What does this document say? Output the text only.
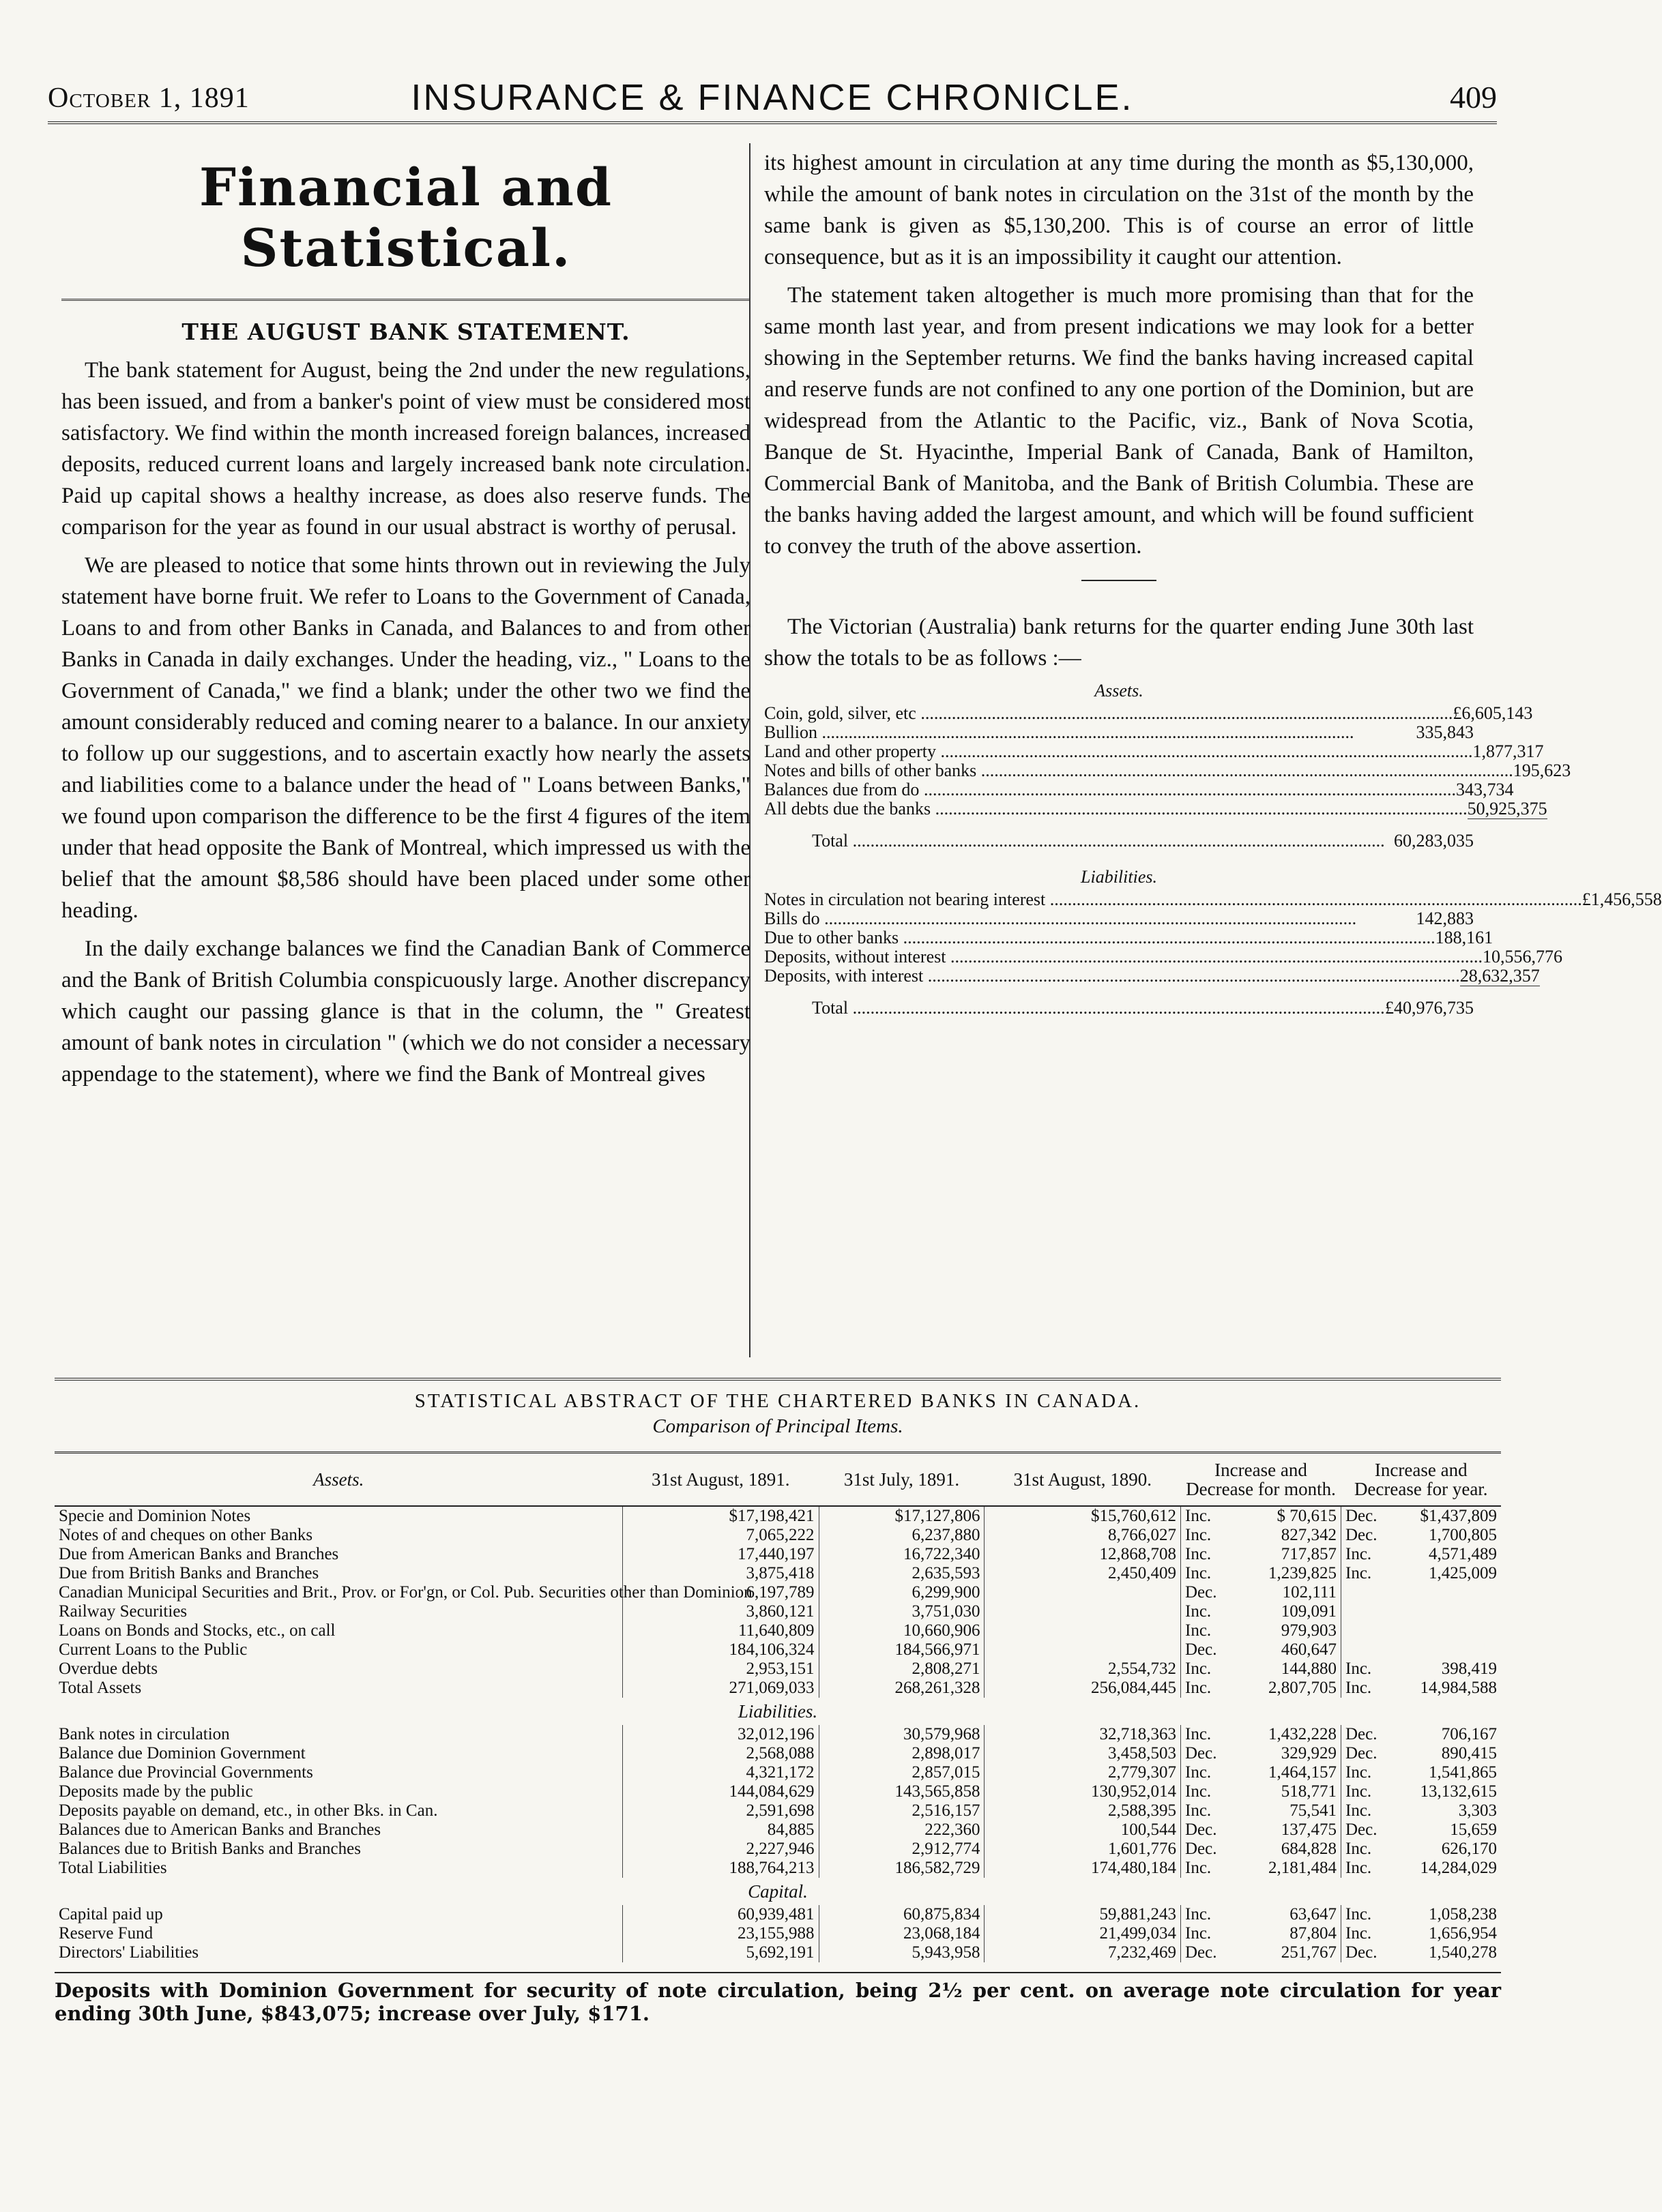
October 1, 1891	INSURANCE & FINANCE CHRONICLE.	409
Financial and Statistical.
THE AUGUST BANK STATEMENT.

The bank statement for August, being the 2nd under the new regulations, has been issued, and from a banker's point of view must be considered most satisfactory. We find within the month increased foreign balances, increased deposits, reduced current loans and largely increased bank note circulation. Paid up capital shows a healthy increase, as does also reserve funds. The comparison for the year as found in our usual abstract is worthy of perusal.

We are pleased to notice that some hints thrown out in reviewing the July statement have borne fruit. We refer to Loans to the Government of Canada, Loans to and from other Banks in Canada, and Balances to and from other Banks in Canada in daily exchanges. Under the heading, viz., " Loans to the Government of Canada," we find a blank; under the other two we find the amount considerably reduced and coming nearer to a balance. In our anxiety to follow up our suggestions, and to ascertain exactly how nearly the assets and liabilities come to a balance under the head of " Loans between Banks," we found upon comparison the difference to be the first 4 figures of the item under that head opposite the Bank of Montreal, which impressed us with the belief that the amount $8,586 should have been placed under some other heading.

In the daily exchange balances we find the Canadian Bank of Commerce and the Bank of British Columbia conspicuously large. Another discrepancy which caught our passing glance is that in the column, the " Greatest amount of bank notes in circulation " (which we do not consider a necessary appendage to the statement), where we find the Bank of Montreal gives

its highest amount in circulation at any time during the month as $5,130,000, while the amount of bank notes in circulation on the 31st of the month by the same bank is given as $5,130,200. This is of course an error of little consequence, but as it is an impossibility it caught our attention.

The statement taken altogether is much more promising than that for the same month last year, and from present indications we may look for a better showing in the September returns. We find the banks having increased capital and reserve funds are not confined to any one portion of the Dominion, but are widespread from the Atlantic to the Pacific, viz., Bank of Nova Scotia, Banque de St. Hyacinthe, Imperial Bank of Canada, Bank of Hamilton, Commercial Bank of Manitoba, and the Bank of British Columbia. These are the banks having added the largest amount, and which will be found sufficient to convey the truth of the above assertion.

The Victorian (Australia) bank returns for the quarter ending June 30th last show the totals to be as follows :—

Assets.
Coin, gold, silver, etc .....	£6,605,143
Bullion .....	335,843
Land and other property .....	1,877,317
Notes and bills of other banks .....	195,623
Balances due from do .....	343,734
All debts due the banks .....	50,925,375
Total .....	60,283,035
Liabilities.
Notes in circulation not bearing interest .....	£1,456,558
Bills do .....	142,883
Due to other banks .....	188,161
Deposits, without interest .....	10,556,776
Deposits, with interest .....	28,632,357
Total .....	£40,976,735
STATISTICAL ABSTRACT OF THE CHARTERED BANKS IN CANADA.
Comparison of Principal Items.
Assets.	31st August, 1891.	31st July, 1891.	31st August, 1890.	Increase and Decrease for month.		Increase and Decrease for year.	
Specie and Dominion Notes	$17,198,421	$17,127,806	$15,760,612	Inc.	$ 70,615	Dec.	$1,437,809
Notes of and cheques on other Banks	7,065,222	6,237,880	8,766,027	Inc.	827,342	Dec.	1,700,805
Due from American Banks and Branches	17,440,197	16,722,340	12,868,708	Inc.	717,857	Inc.	4,571,489
Due from British Banks and Branches	3,875,418	2,635,593	2,450,409	Inc.	1,239,825	Inc.	1,425,009
Canadian Municipal Securities and Brit., Prov. or For'gn, or Col. Pub. Securities other than Dominion	6,197,789	6,299,900		Dec.	102,111		
Railway Securities	3,860,121	3,751,030		Inc.	109,091		
Loans on Bonds and Stocks, etc., on call	11,640,809	10,660,906		Inc.	979,903		
Current Loans to the Public	184,106,324	184,566,971		Dec.	460,647		
Overdue debts	2,953,151	2,808,271	2,554,732	Inc.	144,880	Inc.	398,419
Total Assets	271,069,033	268,261,328	256,084,445	Inc.	2,807,705	Inc.	14,984,588
Liabilities.							
Bank notes in circulation	32,012,196	30,579,968	32,718,363	Inc.	1,432,228	Dec.	706,167
Balance due Dominion Government	2,568,088	2,898,017	3,458,503	Dec.	329,929	Dec.	890,415
Balance due Provincial Governments	4,321,172	2,857,015	2,779,307	Inc.	1,464,157	Inc.	1,541,865
Deposits made by the public	144,084,629	143,565,858	130,952,014	Inc.	518,771	Inc.	13,132,615
Deposits payable on demand, etc., in other Bks. in Can.	2,591,698	2,516,157	2,588,395	Inc.	75,541	Inc.	3,303
Balances due to American Banks and Branches	84,885	222,360	100,544	Dec.	137,475	Dec.	15,659
Balances due to British Banks and Branches	2,227,946	2,912,774	1,601,776	Dec.	684,828	Inc.	626,170
Total Liabilities	188,764,213	186,582,729	174,480,184	Inc.	2,181,484	Inc.	14,284,029
Capital.							
Capital paid up	60,939,481	60,875,834	59,881,243	Inc.	63,647	Inc.	1,058,238
Reserve Fund	23,155,988	23,068,184	21,499,034	Inc.	87,804	Inc.	1,656,954
Directors' Liabilities	5,692,191	5,943,958	7,232,469	Dec.	251,767	Dec.	1,540,278
Deposits with Dominion Government for security of note circulation, being 2½ per cent. on average note circulation for year ending 30th June, $843,075; increase over July, $171.
